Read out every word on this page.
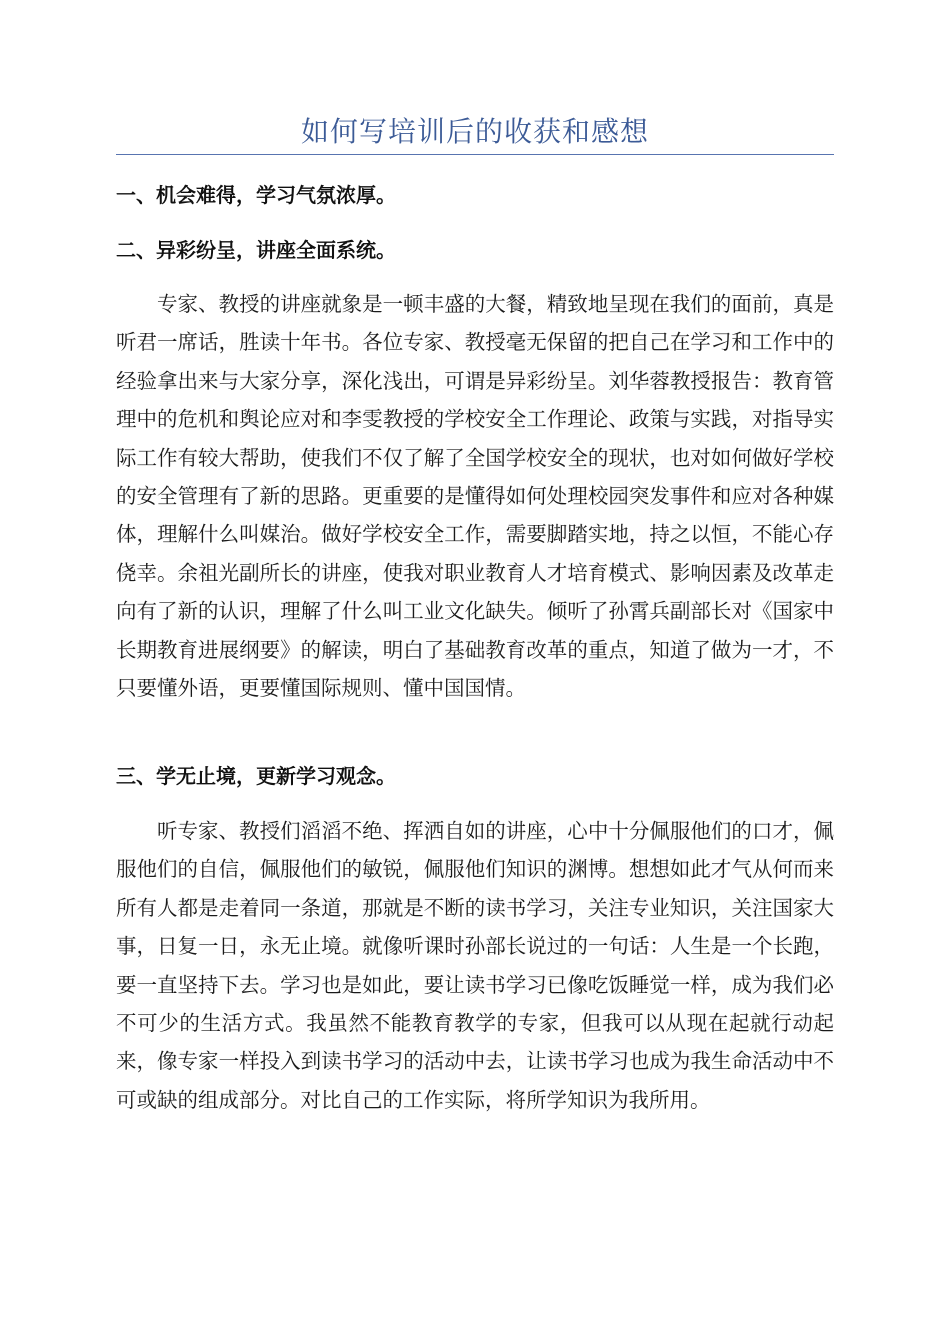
如何写培训后的收获和感想
一、机会难得，学习气氛浓厚。
二、异彩纷呈，讲座全面系统。

专家、教授的讲座就象是一顿丰盛的大餐，精致地呈现在我们的面前，真是听君一席话，胜读十年书。各位专家、教授毫无保留的把自己在学习和工作中的经验拿出来与大家分享，深化浅出，可谓是异彩纷呈。刘华蓉教授报告：教育管理中的危机和舆论应对和李雯教授的学校安全工作理论、政策与实践，对指导实际工作有较大帮助，使我们不仅了解了全国学校安全的现状，也对如何做好学校的安全管理有了新的思路。更重要的是懂得如何处理校园突发事件和应对各种媒体，理解什么叫媒治。做好学校安全工作，需要脚踏实地，持之以恒，不能心存侥幸。余祖光副所长的讲座，使我对职业教育人才培育模式、影响因素及改革走向有了新的认识，理解了什么叫工业文化缺失。倾听了孙霄兵副部长对《国家中长期教育进展纲要》的解读，明白了基础教育改革的重点，知道了做为一才，不只要懂外语，更要懂国际规则、懂中国国情。

三、学无止境，更新学习观念。

听专家、教授们滔滔不绝、挥洒自如的讲座，心中十分佩服他们的口才，佩服他们的自信，佩服他们的敏锐，佩服他们知识的渊博。想想如此才气从何而来所有人都是走着同一条道，那就是不断的读书学习，关注专业知识，关注国家大事，日复一日，永无止境。就像听课时孙部长说过的一句话：人生是一个长跑，要一直坚持下去。学习也是如此，要让读书学习已像吃饭睡觉一样，成为我们必不可少的生活方式。我虽然不能教育教学的专家，但我可以从现在起就行动起来，像专家一样投入到读书学习的活动中去，让读书学习也成为我生命活动中不可或缺的组成部分。对比自己的工作实际，将所学知识为我所用。
